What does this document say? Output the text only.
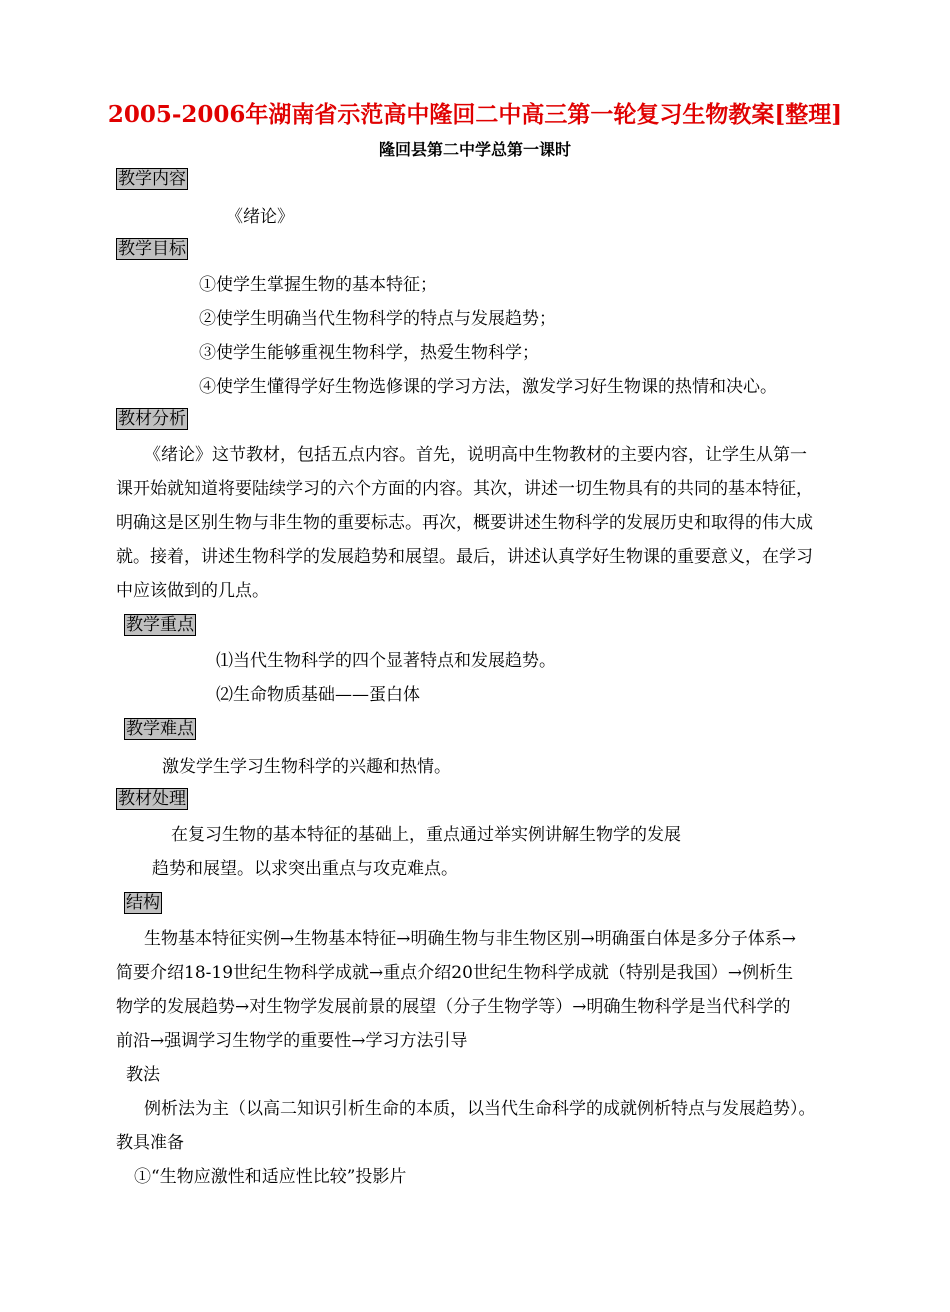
2005-2006年湖南省示范高中隆回二中高三第一轮复习生物教案[整理]
隆回县第二中学总第一课时
教学内容
《绪论》
教学目标
①使学生掌握生物的基本特征；
②使学生明确当代生物科学的特点与发展趋势；
③使学生能够重视生物科学，热爱生物科学；
④使学生懂得学好生物选修课的学习方法，激发学习好生物课的热情和决心。
教材分析
《绪论》这节教材，包括五点内容。首先，说明高中生物教材的主要内容，让学生从第一
课开始就知道将要陆续学习的六个方面的内容。其次，讲述一切生物具有的共同的基本特征，
明确这是区别生物与非生物的重要标志。再次，概要讲述生物科学的发展历史和取得的伟大成
就。接着，讲述生物科学的发展趋势和展望。最后，讲述认真学好生物课的重要意义，在学习
中应该做到的几点。
教学重点
⑴当代生物科学的四个显著特点和发展趋势。
⑵生命物质基础——蛋白体
教学难点
激发学生学习生物科学的兴趣和热情。
教材处理
在复习生物的基本特征的基础上，重点通过举实例讲解生物学的发展
趋势和展望。以求突出重点与攻克难点。
结构
生物基本特征实例→生物基本特征→明确生物与非生物区别→明确蛋白体是多分子体系→
简要介绍18-19世纪生物科学成就→重点介绍20世纪生物科学成就（特别是我国）→例析生
物学的发展趋势→对生物学发展前景的展望（分子生物学等）→明确生物科学是当代科学的
前沿→强调学习生物学的重要性→学习方法引导
教法
例析法为主（以高二知识引析生命的本质，以当代生命科学的成就例析特点与发展趋势）。
教具准备
①“生物应激性和适应性比较”投影片
